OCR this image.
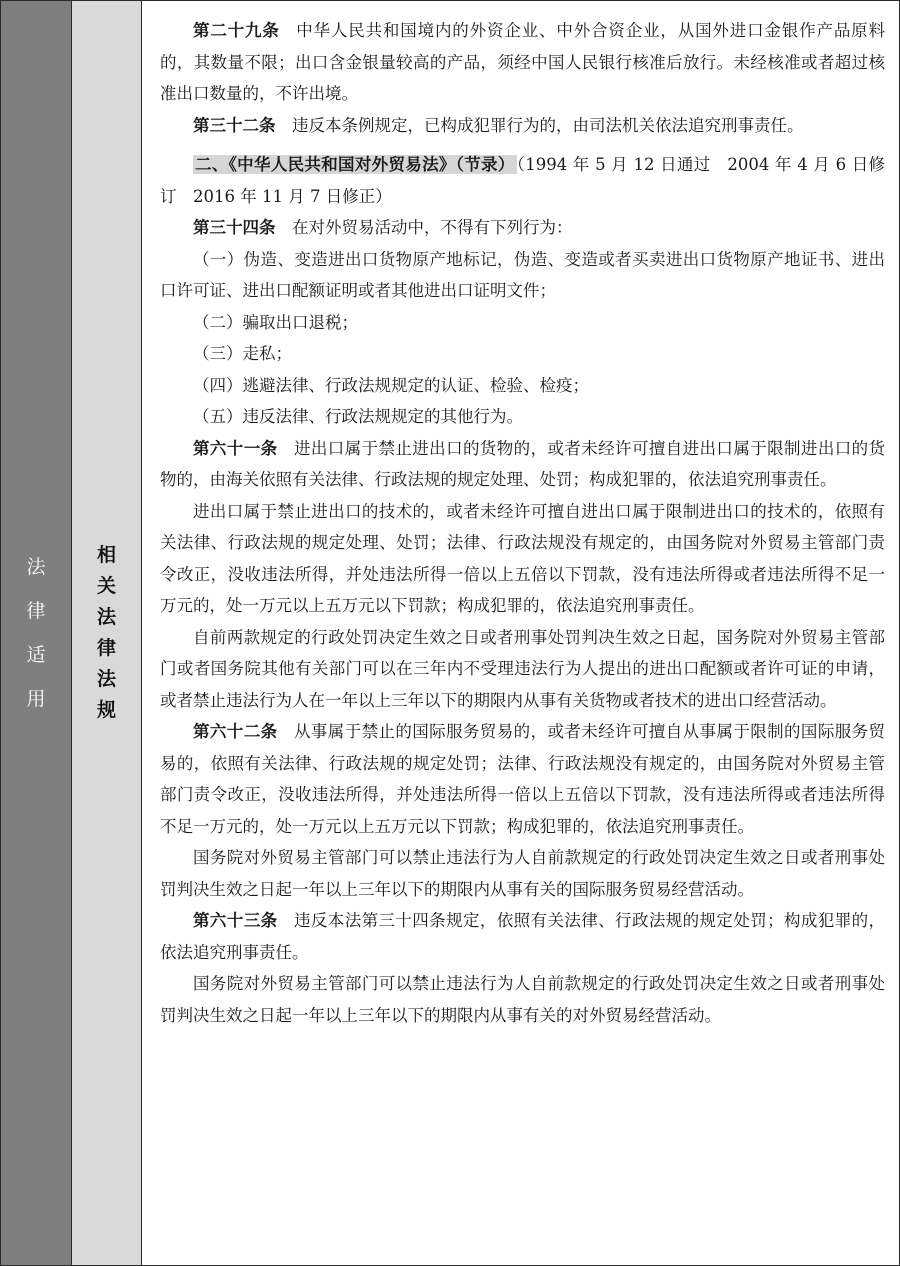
法
律
适
用
相
关
法
律
法
规

第二十九条 中华人民共和国境内的外资企业、中外合资企业，从国外进口金银作产品原料的，其数量不限；出口含金银量较高的产品，须经中国人民银行核准后放行。未经核准或者超过核准出口数量的，不许出境。

第三十二条 违反本条例规定，已构成犯罪行为的，由司法机关依法追究刑事责任。

二、《中华人民共和国对外贸易法》（节录） （1994 年 5 月 12 日通过　2004 年 4 月 6 日修订　2016 年 11 月 7 日修正）

第三十四条 在对外贸易活动中，不得有下列行为：

（一）伪造、变造进出口货物原产地标记，伪造、变造或者买卖进出口货物原产地证书、进出口许可证、进出口配额证明或者其他进出口证明文件；

（二）骗取出口退税；

（三）走私；

（四）逃避法律、行政法规规定的认证、检验、检疫；

（五）违反法律、行政法规规定的其他行为。

第六十一条 进出口属于禁止进出口的货物的，或者未经许可擅自进出口属于限制进出口的货物的，由海关依照有关法律、行政法规的规定处理、处罚；构成犯罪的，依法追究刑事责任。

进出口属于禁止进出口的技术的，或者未经许可擅自进出口属于限制进出口的技术的，依照有关法律、行政法规的规定处理、处罚；法律、行政法规没有规定的，由国务院对外贸易主管部门责令改正，没收违法所得，并处违法所得一倍以上五倍以下罚款，没有违法所得或者违法所得不足一万元的，处一万元以上五万元以下罚款；构成犯罪的，依法追究刑事责任。

自前两款规定的行政处罚决定生效之日或者刑事处罚判决生效之日起，国务院对外贸易主管部门或者国务院其他有关部门可以在三年内不受理违法行为人提出的进出口配额或者许可证的申请，或者禁止违法行为人在一年以上三年以下的期限内从事有关货物或者技术的进出口经营活动。

第六十二条 从事属于禁止的国际服务贸易的，或者未经许可擅自从事属于限制的国际服务贸易的，依照有关法律、行政法规的规定处罚；法律、行政法规没有规定的，由国务院对外贸易主管部门责令改正，没收违法所得，并处违法所得一倍以上五倍以下罚款，没有违法所得或者违法所得不足一万元的，处一万元以上五万元以下罚款；构成犯罪的，依法追究刑事责任。

国务院对外贸易主管部门可以禁止违法行为人自前款规定的行政处罚决定生效之日或者刑事处罚判决生效之日起一年以上三年以下的期限内从事有关的国际服务贸易经营活动。

第六十三条 违反本法第三十四条规定，依照有关法律、行政法规的规定处罚；构成犯罪的，依法追究刑事责任。

国务院对外贸易主管部门可以禁止违法行为人自前款规定的行政处罚决定生效之日或者刑事处罚判决生效之日起一年以上三年以下的期限内从事有关的对外贸易经营活动。
